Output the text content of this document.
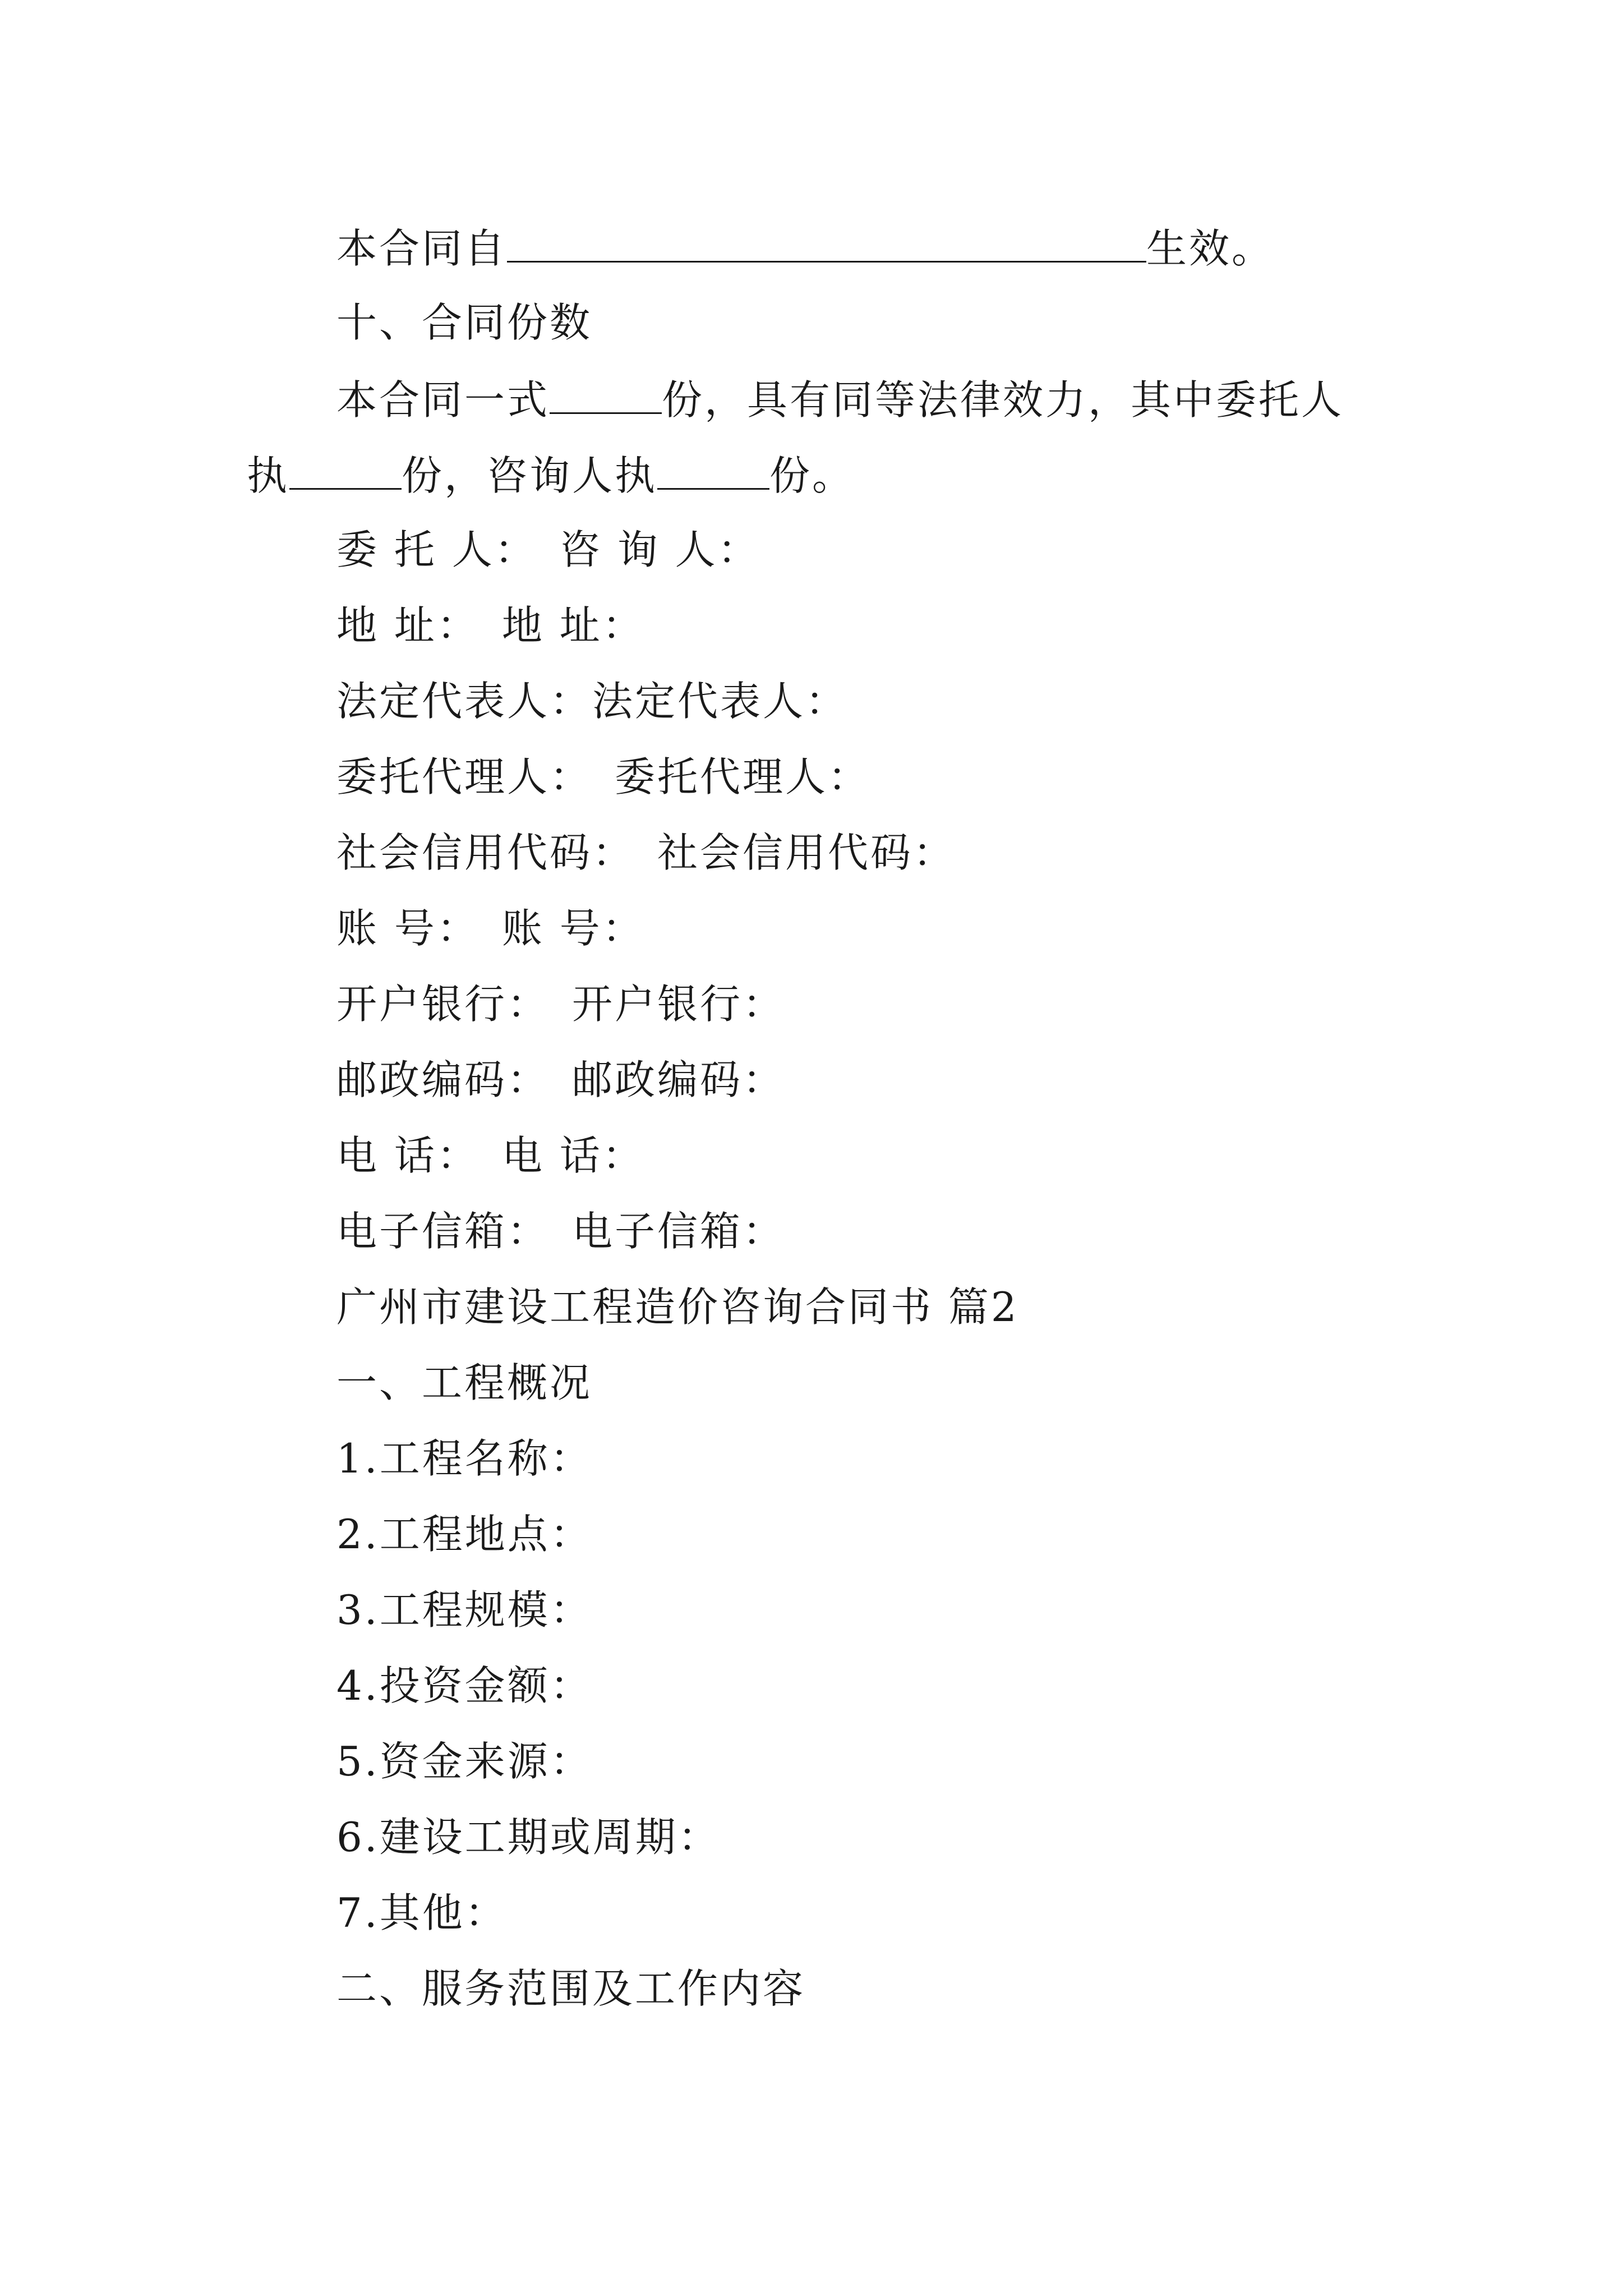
本合同自	生效。
十、合同份数
本合同一式	份，具有同等法律效力，其中委托人
执	份，咨询人执	份。
委 托 人： 咨 询 人：
地 址： 地 址：
法定代表人：法定代表人：
委托代理人： 委托代理人：
社会信用代码： 社会信用代码：
账 号： 账 号：
开户银行： 开户银行：
邮政编码： 邮政编码：
电 话： 电 话：
电子信箱： 电子信箱：
广州市建设工程造价咨询合同书 篇2
一、工程概况
1.工程名称：
2.工程地点：
3.工程规模：
4.投资金额：
5.资金来源：
6.建设工期或周期：
7.其他：
二、服务范围及工作内容
